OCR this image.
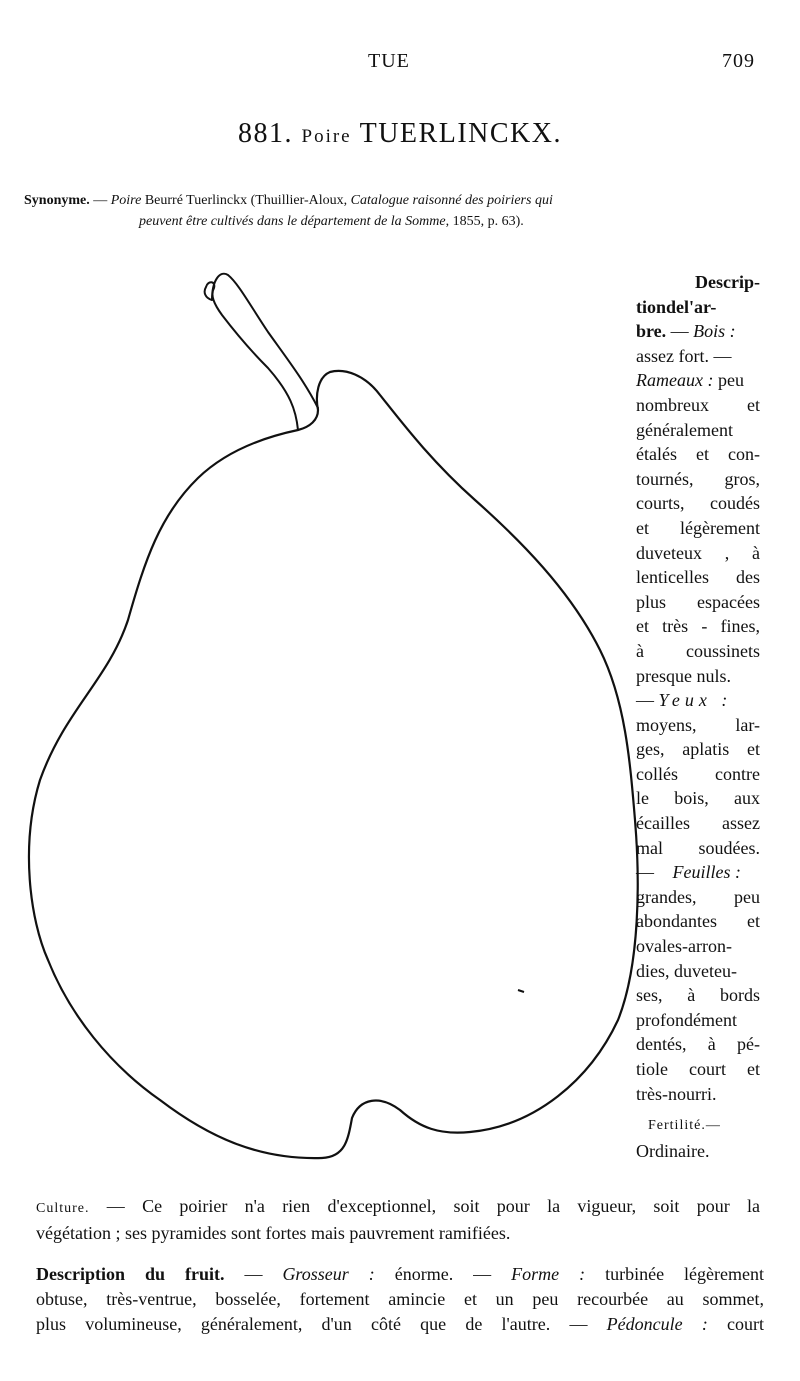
TUE	709
881. Poire TUERLINCKX.
Synonyme. — Poire Beurré Tuerlinckx (Thuillier-Aloux, Catalogue raisonné des poiriers qui
peuvent être cultivés dans le département de la Somme, 1855, p. 63).
Descrip-
tiondel'ar-
bre. — Bois :
assez fort. —
Rameaux : peu
nombreux et
généralement
étalés et con-
tournés, gros,
courts, coudés
et légèrement
duveteux , à
lenticelles des
plus espacées
et très - fines,
à coussinets
presque nuls.
— Yeux :
moyens, lar-
ges, aplatis et
collés contre
le bois, aux
écailles assez
mal soudées.
— Feuilles :
grandes, peu
abondantes et
ovales-arron-
dies, duveteu-
ses, à bords
profondément
dentés, à pé-
tiole court et
très-nourri.
Fertilité.—
Ordinaire.
Culture. — Ce poirier n'a rien d'exceptionnel, soit pour la vigueur, soit pour la
végétation ; ses pyramides sont fortes mais pauvrement ramifiées.
Description du fruit. — Grosseur : énorme. — Forme : turbinée légèrement
obtuse, très-ventrue, bosselée, fortement amincie et un peu recourbée au sommet,
plus volumineuse, généralement, d'un côté que de l'autre. — Pédoncule : court
